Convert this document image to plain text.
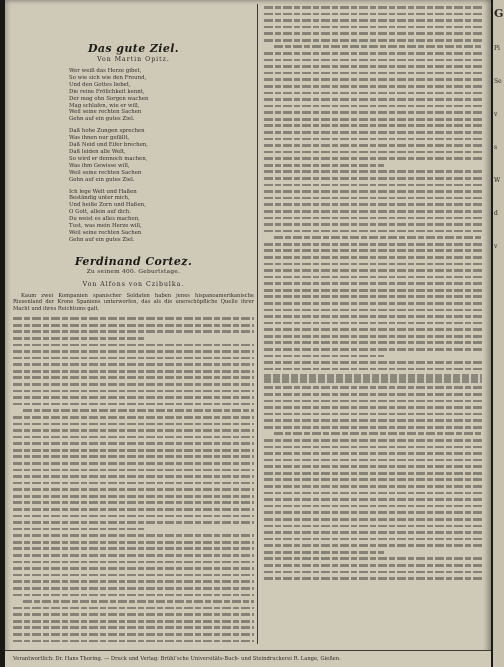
Das gute Ziel.

Von Martin Opitz.

Wer weiß das Herze gibet,
So wie sich wie den Freund,
Und den Gottes liebet,
Die reine Frölichkeit kennt,
Der mag ohn Sorgen wachen
Mag schlafen, wie er will,
Weil seine rechten Sachen
Gehn auf ein gutes Ziel.
Daß hohe Zungen sprechen
Was ihnen nur gefällt,
Daß Neid und Eifer brechen,
Daß leiden alle Welt,
So wird er dennoch machen,
Was ihm Gewisse will,
Weil seine rechten Sachen
Gehn auf ein gutes Ziel.
Ich lege Welt und Haßen
Beständig unter mich,
Und heiße Zorn und Haßen,
O Gott, allein auf dich.
Du weist es alles machen,
Tust, was mein Herze will,
Weil seine rechten Sachen
Gehn auf ein gutes Ziel.

Ferdinand Cortez.

Zu seinem 400. Geburtstage.

Von Alfons von Czibulka.

Kaum zwei Kompanien spanischer Soldaten haben jenes hispanoamerikanische Riesenland der Krone Spaniens unterworfen, das als die unerschöpfliche Quelle ihrer Macht und ihres Reichtums galt.
Verantwortlich: Dr. Hans Thoring. — Druck und Verlag: Brühl’sche Universitäts-Buch- und Steindruckerei R. Lange, Gießen.
G
Pi
Se
v
s
W
d
v
